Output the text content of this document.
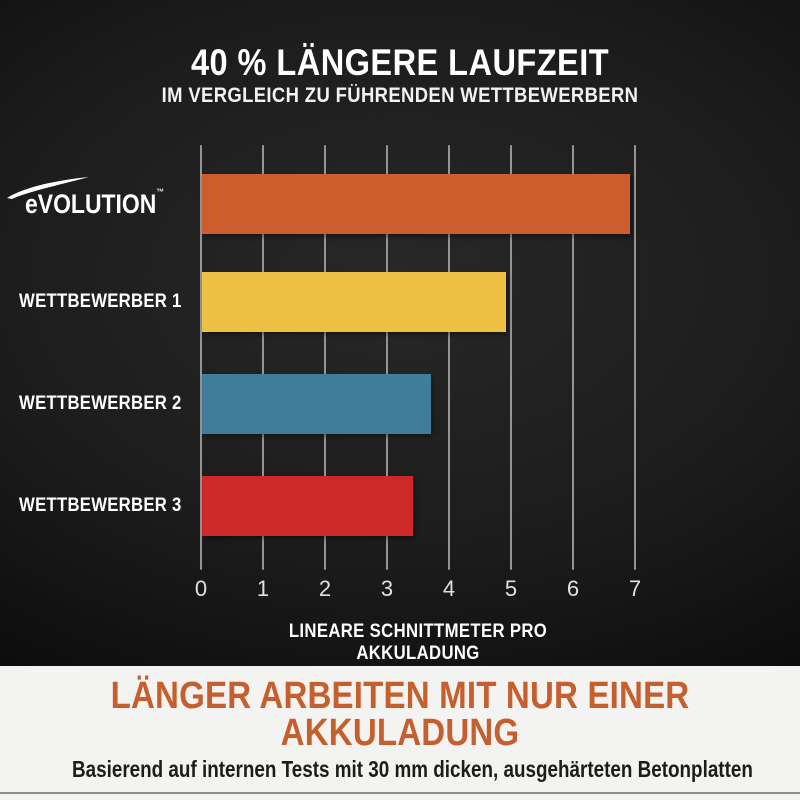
40 % LÄNGERE LAUFZEIT
IM VERGLEICH ZU FÜHRENDEN WETTBEWERBERN
0	1	2	3	4	5	6	7
WETTBEWERBER 1
WETTBEWERBER 2
WETTBEWERBER 3
eVOLUTION™

LINEARE SCHNITTMETER PRO AKKULADUNG

LÄNGER ARBEITEN MIT NUR EINER
AKKULADUNG

Basierend auf internen Tests mit 30 mm dicken, ausgehärteten Betonplatten
